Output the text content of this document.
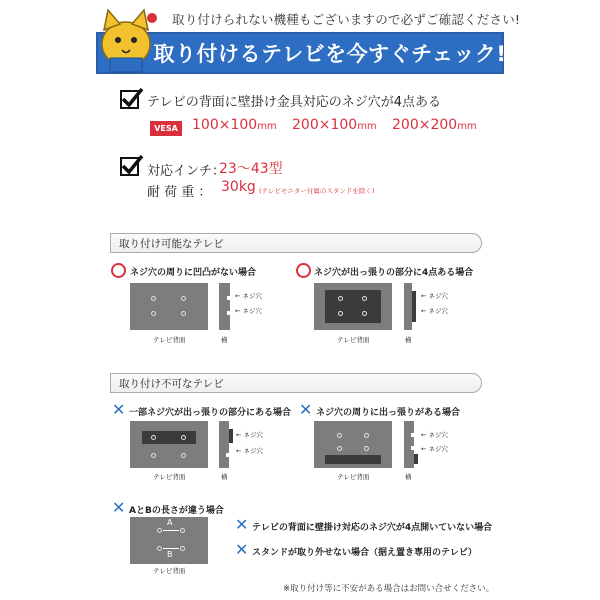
取り付けられない機種もございますので必ずご確認ください!
取り付けるテレビを今すぐチェック!
テレビの背面に壁掛け金具対応のネジ穴が4点ある
VESA	100×100mm 200×100mm 200×200mm
対応インチ：
23〜43型
耐 荷 重 ： 30kg (テレビモニター付属のスタンドを除く)
取り付け可能なテレビ
ネジ穴の周りに凹凸がない場合
← ネジ穴
← ネジ穴
テレビ背面	横
ネジ穴が出っ張りの部分に4点ある場合
← ネジ穴
← ネジ穴
テレビ背面	横
取り付け不可なテレビ
✕ 一部ネジ穴が出っ張りの部分にある場合
← ネジ穴
← ネジ穴
テレビ背面	横
✕ ネジ穴の周りに出っ張りがある場合
← ネジ穴
← ネジ穴
テレビ背面	横
✕ AとBの長さが違う場合
A
B
テレビ背面
✕ テレビの背面に壁掛け対応のネジ穴が4点開いていない場合
✕ スタンドが取り外せない場合（据え置き専用のテレビ）
※取り付け等に不安がある場合はお問い合せください。
